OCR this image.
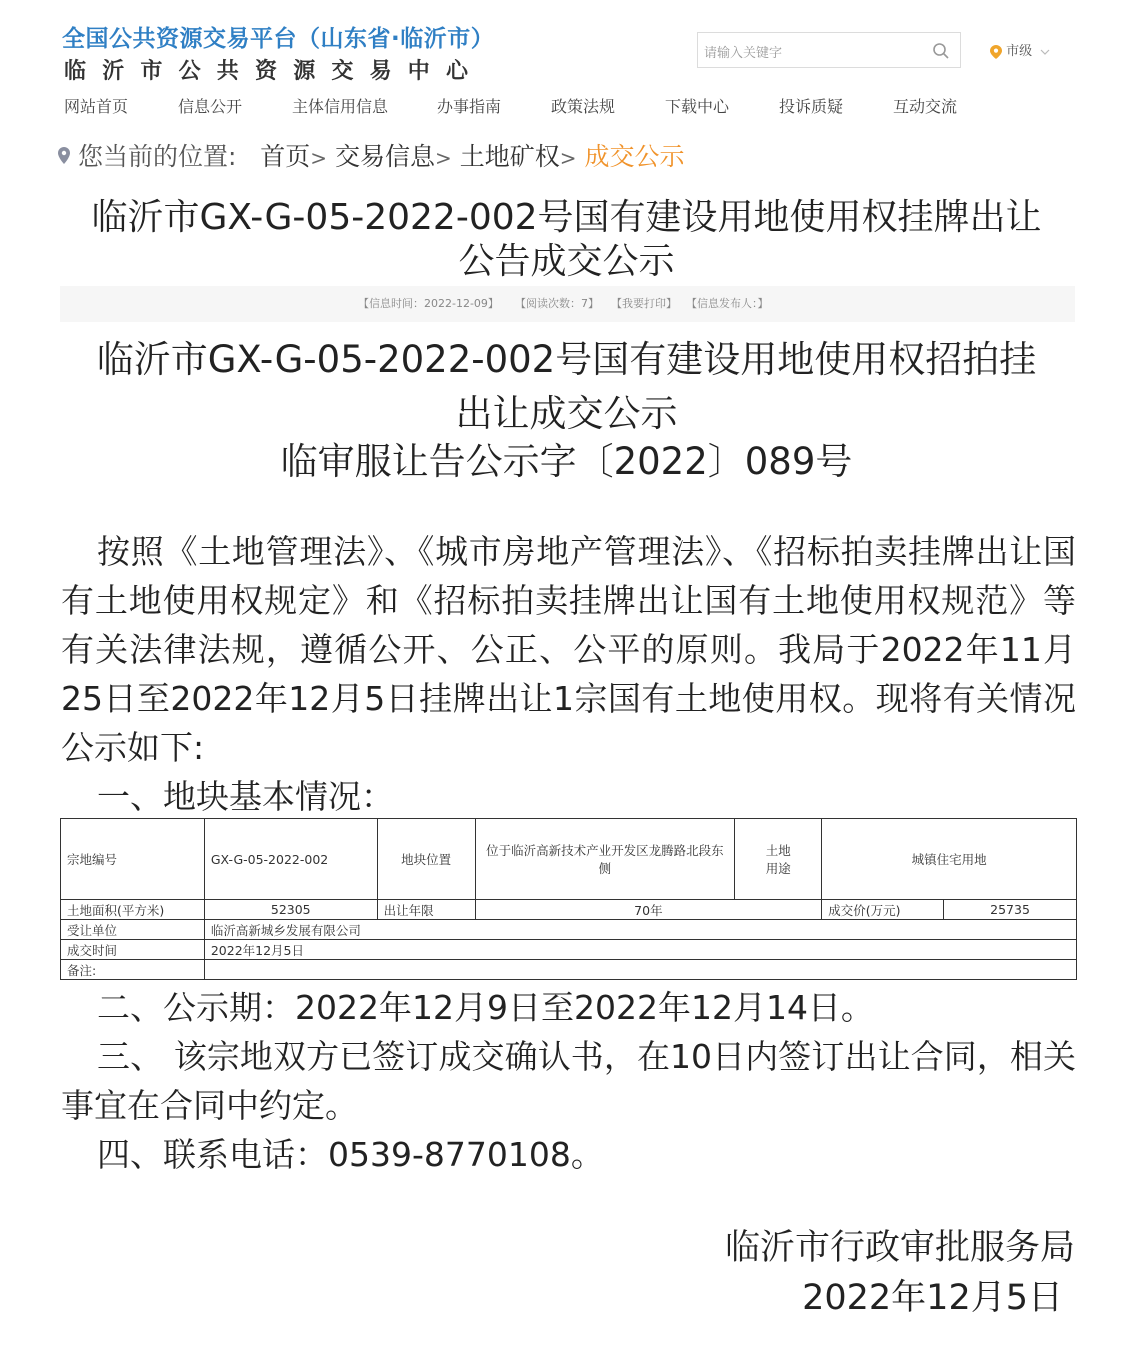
全国公共资源交易平台（山东省·临沂市）
临沂市公共资源交易中心
请输入关键字	市级
网站首页	信息公开	主体信用信息	办事指南	政策法规	下载中心	投诉质疑	互动交流
您当前的位置: 首页> 交易信息> 土地矿权> 成交公示
临沂市GX-G-05-2022-002号国有建设用地使用权挂牌出让
公告成交公示
【信息时间：2022-12-09】 【阅读次数：7】 【我要打印】 【信息发布人：】
临沂市GX-G-05-2022-002号国有建设用地使用权招拍挂
出让成交公示
临审服让告公示字〔2022〕089号
按照《土地管理法》、《城市房地产管理法》、《招标拍卖挂牌出让国有土地使用权规定》和《招标拍卖挂牌出让国有土地使用权规范》等有关法律法规，遵循公开、公正、公平的原则。我局于2022年11月25日至2022年12月5日挂牌出让1宗国有土地使用权。现将有关情况公示如下:
一、地块基本情况：
宗地编号	GX-G-05-2022-002	地块位置	位于临沂高新技术产业开发区龙腾路北段东侧	土地用途	城镇住宅用地	
土地面积(平方米)	52305	出让年限	70年		成交价(万元)	25735
受让单位	临沂高新城乡发展有限公司					
成交时间	2022年12月5日					
备注:						
二、公示期：2022年12月9日至2022年12月14日。
三、 该宗地双方已签订成交确认书，在10日内签订出让合同，相关事宜在合同中约定。
四、联系电话：0539-8770108。
临沂市行政审批服务局
2022年12月5日
